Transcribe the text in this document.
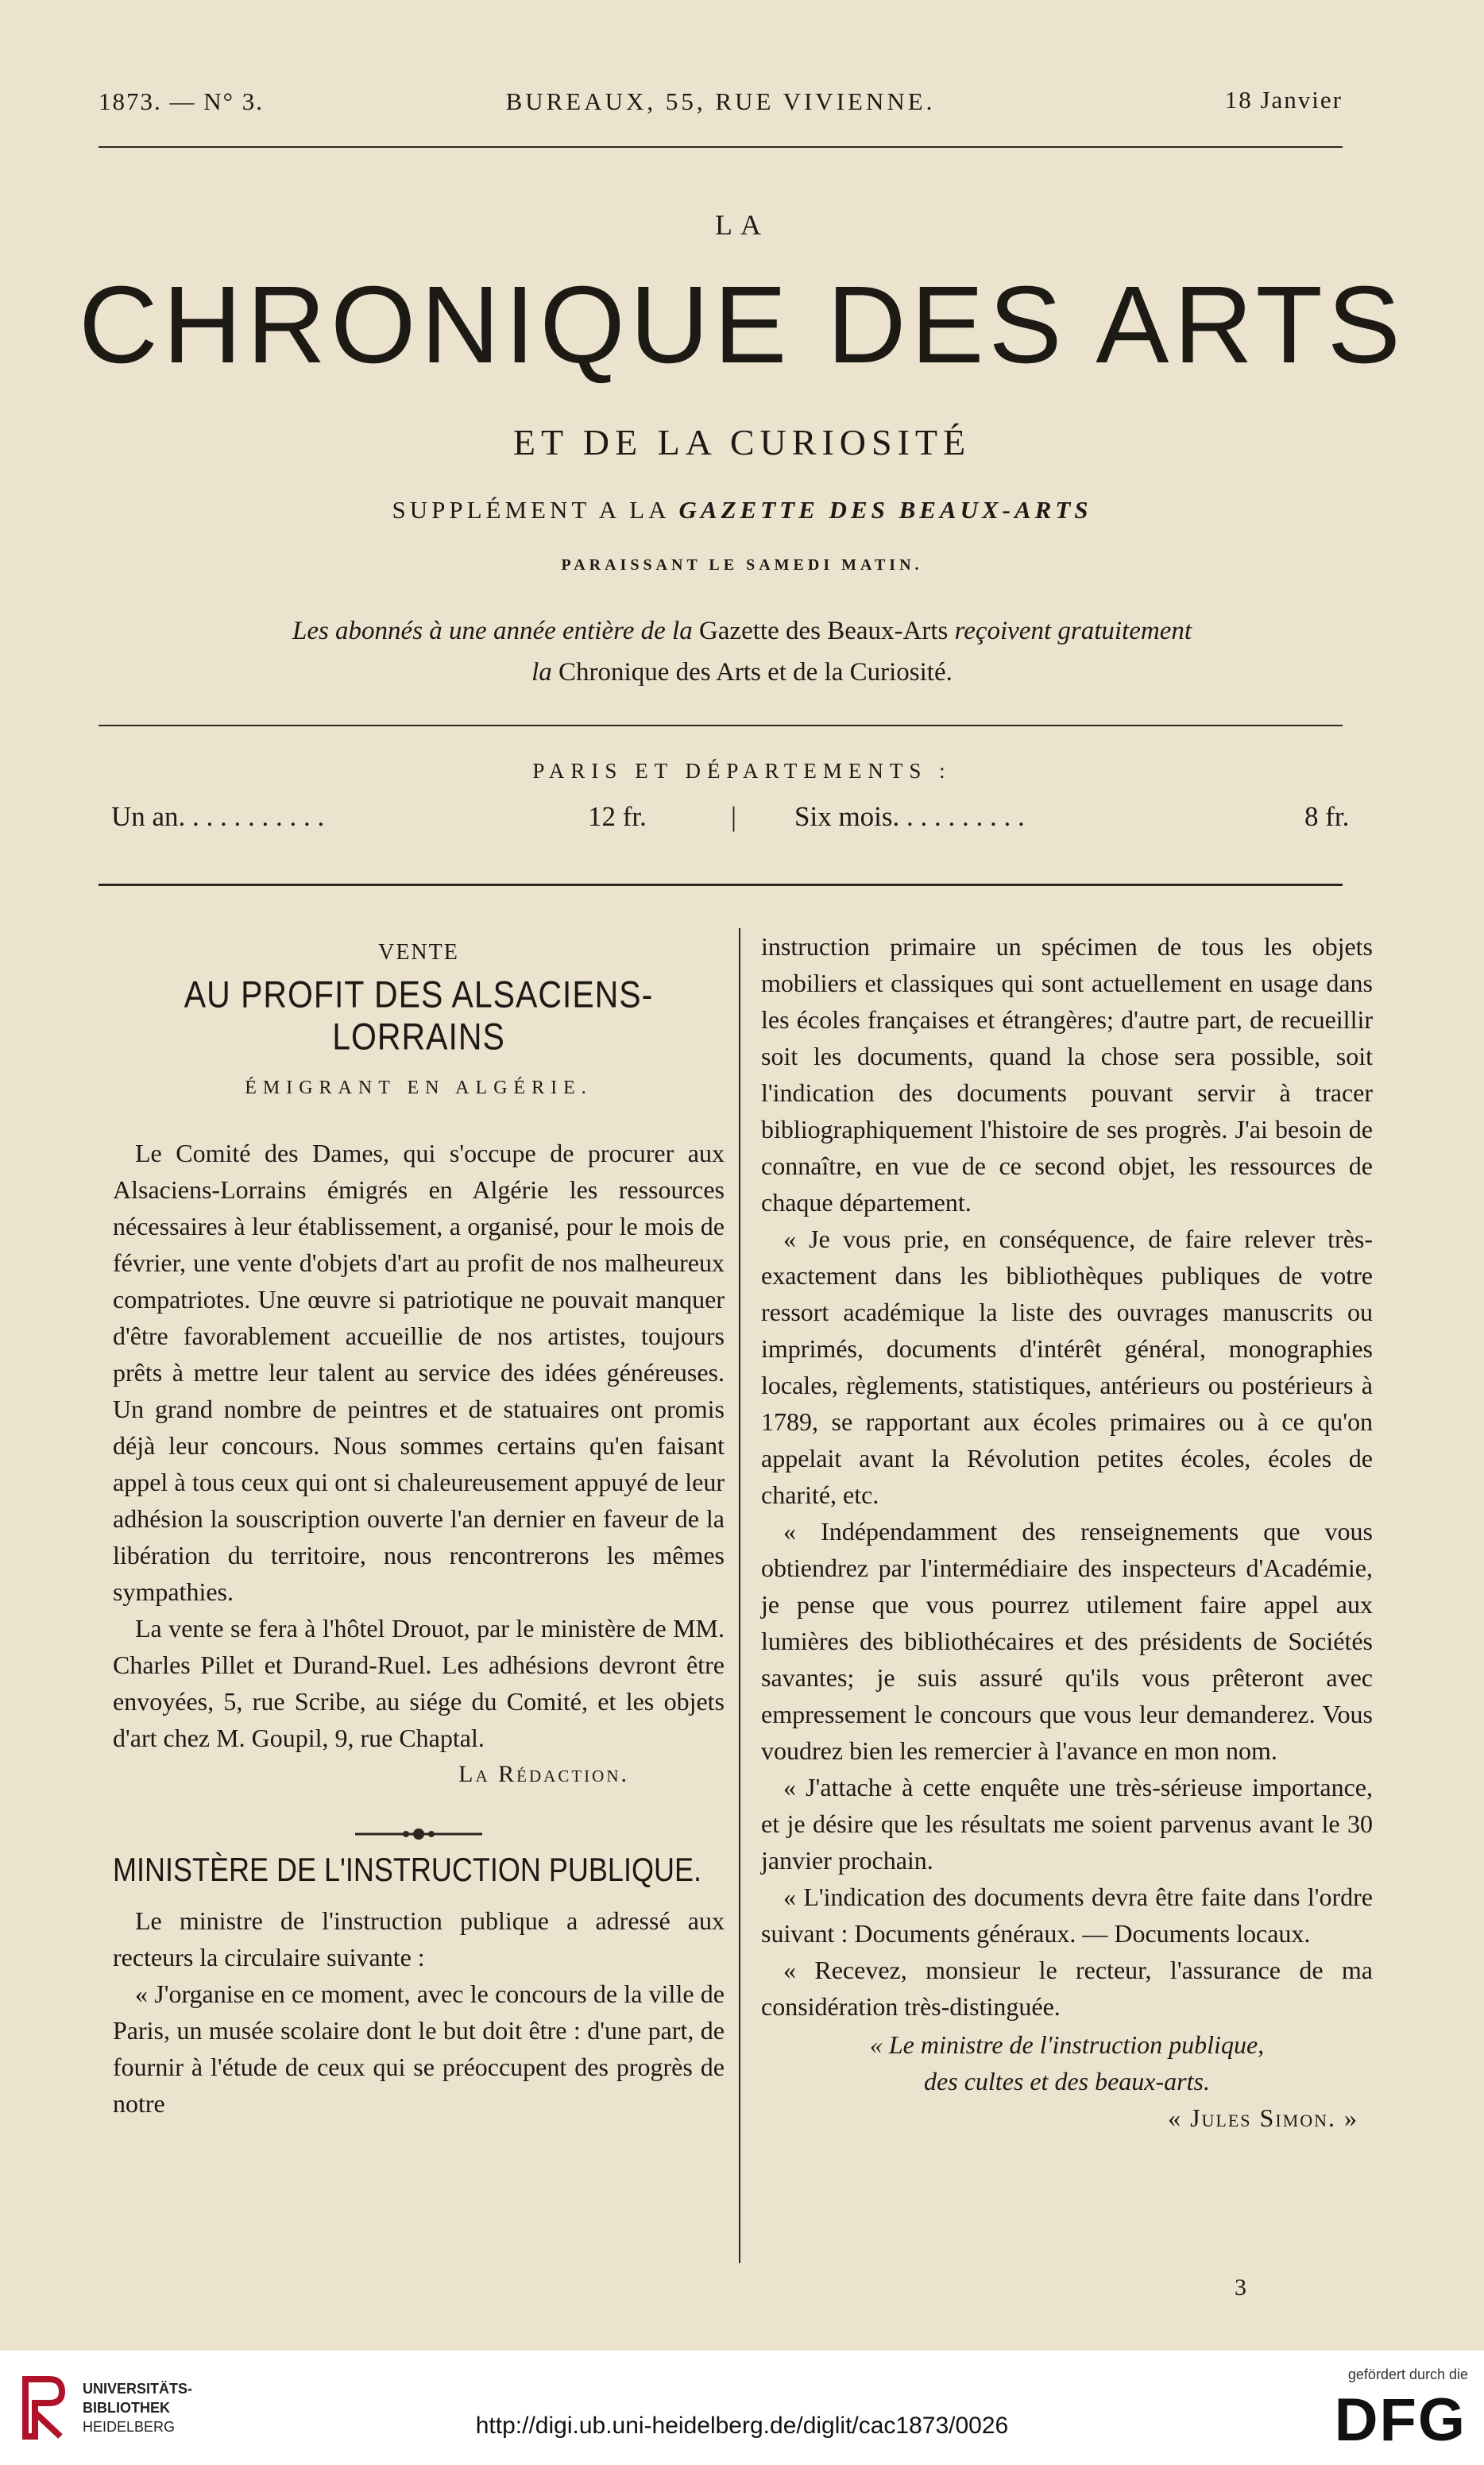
1873. — N° 3.	BUREAUX, 55, RUE VIVIENNE.	18 Janvier
LA
CHRONIQUE DES ARTS
ET DE LA CURIOSITÉ
SUPPLÉMENT A LA GAZETTE DES BEAUX-ARTS
PARAISSANT LE SAMEDI MATIN.
Les abonnés à une année entière de la Gazette des Beaux-Arts reçoivent gratuitement
la Chronique des Arts et de la Curiosité.
PARIS ET DÉPARTEMENTS :
Un an. . . . . . . . . . .	12 fr.	| Six mois. . . . . . . . . .	8 fr.
VENTE
AU PROFIT DES ALSACIENS-LORRAINS
ÉMIGRANT EN ALGÉRIE.

Le Comité des Dames, qui s'occupe de procurer aux Alsaciens-Lorrains émigrés en Algérie les ressources nécessaires à leur établissement, a organisé, pour le mois de février, une vente d'objets d'art au profit de nos malheureux compatriotes. Une œuvre si patriotique ne pouvait manquer d'être favorablement accueillie de nos artistes, toujours prêts à mettre leur talent au service des idées généreuses. Un grand nombre de peintres et de statuaires ont promis déjà leur concours. Nous sommes certains qu'en faisant appel à tous ceux qui ont si chaleureusement appuyé de leur adhésion la souscription ouverte l'an dernier en faveur de la libération du territoire, nous rencontrerons les mêmes sympathies.

La vente se fera à l'hôtel Drouot, par le ministère de MM. Charles Pillet et Durand-Ruel. Les adhésions devront être envoyées, 5, rue Scribe, au siége du Comité, et les objets d'art chez M. Goupil, 9, rue Chaptal.

La Rédaction.
MINISTÈRE DE L'INSTRUCTION PUBLIQUE.

Le ministre de l'instruction publique a adressé aux recteurs la circulaire suivante :

« J'organise en ce moment, avec le concours de la ville de Paris, un musée scolaire dont le but doit être : d'une part, de fournir à l'étude de ceux qui se préoccupent des progrès de notre

instruction primaire un spécimen de tous les objets mobiliers et classiques qui sont actuellement en usage dans les écoles françaises et étrangères; d'autre part, de recueillir soit les documents, quand la chose sera possible, soit l'indication des documents pouvant servir à tracer bibliographiquement l'histoire de ses progrès. J'ai besoin de connaître, en vue de ce second objet, les ressources de chaque département.

« Je vous prie, en conséquence, de faire relever très-exactement dans les bibliothèques publiques de votre ressort académique la liste des ouvrages manuscrits ou imprimés, documents d'intérêt général, monographies locales, règlements, statistiques, antérieurs ou postérieurs à 1789, se rapportant aux écoles primaires ou à ce qu'on appelait avant la Révolution petites écoles, écoles de charité, etc.

« Indépendamment des renseignements que vous obtiendrez par l'intermédiaire des inspecteurs d'Académie, je pense que vous pourrez utilement faire appel aux lumières des bibliothécaires et des présidents de Sociétés savantes; je suis assuré qu'ils vous prêteront avec empressement le concours que vous leur demanderez. Vous voudrez bien les remercier à l'avance en mon nom.

« J'attache à cette enquête une très-sérieuse importance, et je désire que les résultats me soient parvenus avant le 30 janvier prochain.

« L'indication des documents devra être faite dans l'ordre suivant : Documents généraux. — Documents locaux.

« Recevez, monsieur le recteur, l'assurance de ma considération très-distinguée.

« Le ministre de l'instruction publique,
des cultes et des beaux-arts.
« Jules Simon. »
3
UNIVERSITÄTS-
BIBLIOTHEK
HEIDELBERG	http://digi.ub.uni-heidelberg.de/diglit/cac1873/0026
gefördert durch die
DFG
